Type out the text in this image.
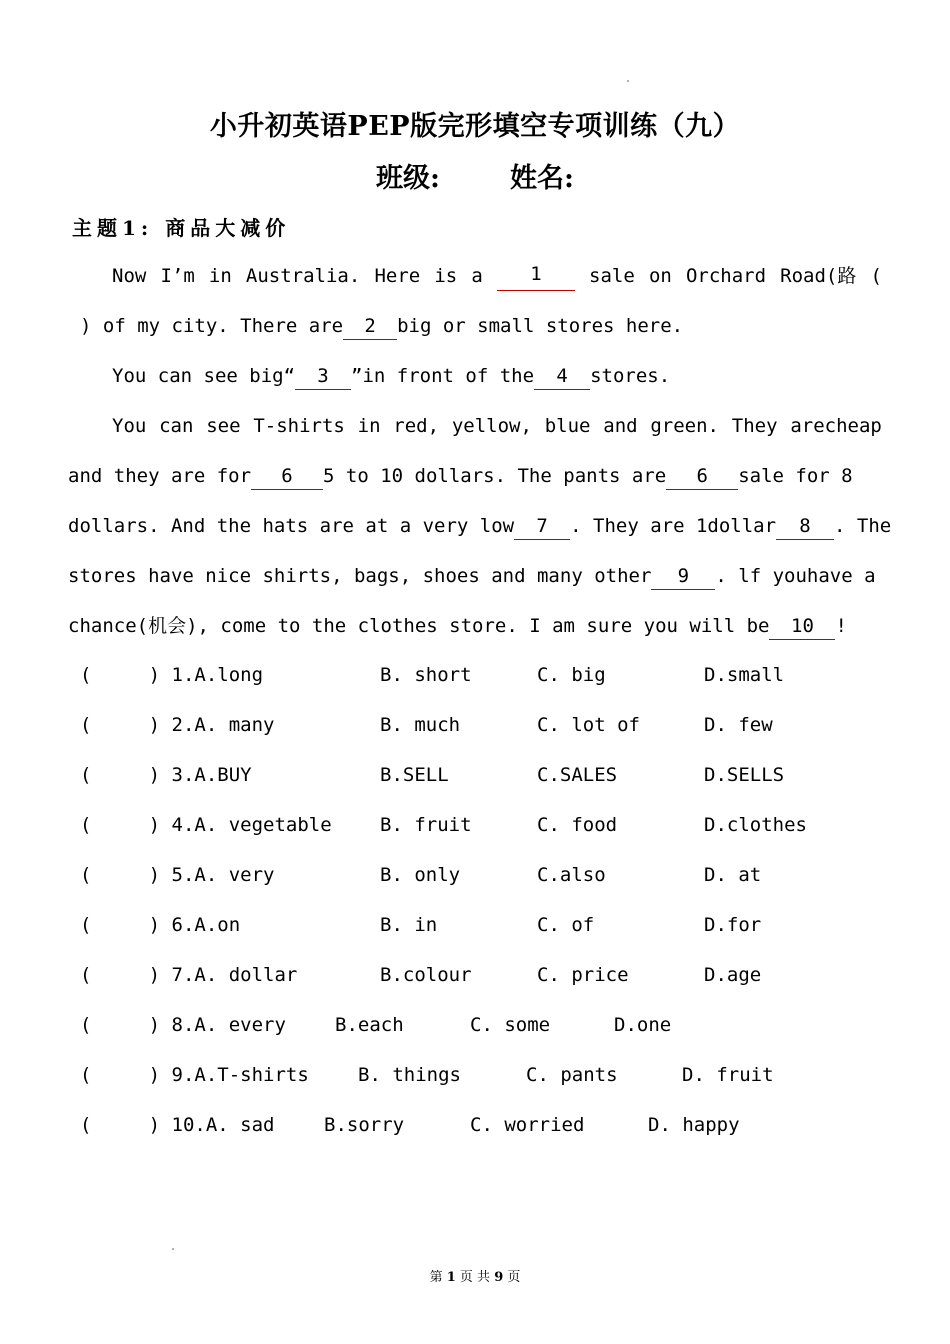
小升初英语PEP版完形填空专项训练（九）
班级:	姓名:
主题1: 商品大减价
Now I’m in Australia. Here is a	1	sale on Orchard Road(路 (
) of my city. There are 2 big or small stores here.
You can see big“ 3 ”in front of the 4 stores.
You can see T-shirts in red, yellow, blue and green. They arecheap
and they are for 6 5 to 10 dollars. The pants are 6 sale for 8
dollars. And the hats are at a very low 7 . They are 1dollar 8 . The
stores have nice shirts, bags, shoes and many other 9 . lf youhave a
chance(机会), come to the clothes store. I am sure you will be 10 !
(     ) 1.A.long	B. short	C. big	D.small
(     ) 2.A. many	B. much	C. lot of	D. few
(     ) 3.A.BUY	B.SELL	C.SALES	D.SELLS
(     ) 4.A. vegetable	B. fruit	C. food	D.clothes
(     ) 5.A. very	B. only	C.also	D. at
(     ) 6.A.on	B. in	C. of	D.for
(     ) 7.A. dollar	B.colour	C. price	D.age
(     ) 8.A. every	B.each	C. some	D.one
(     ) 9.A.T-shirts	B. things	C. pants	D. fruit
(     ) 10.A. sad	B.sorry	C. worried	D. happy
第 1 页 共 9 页
